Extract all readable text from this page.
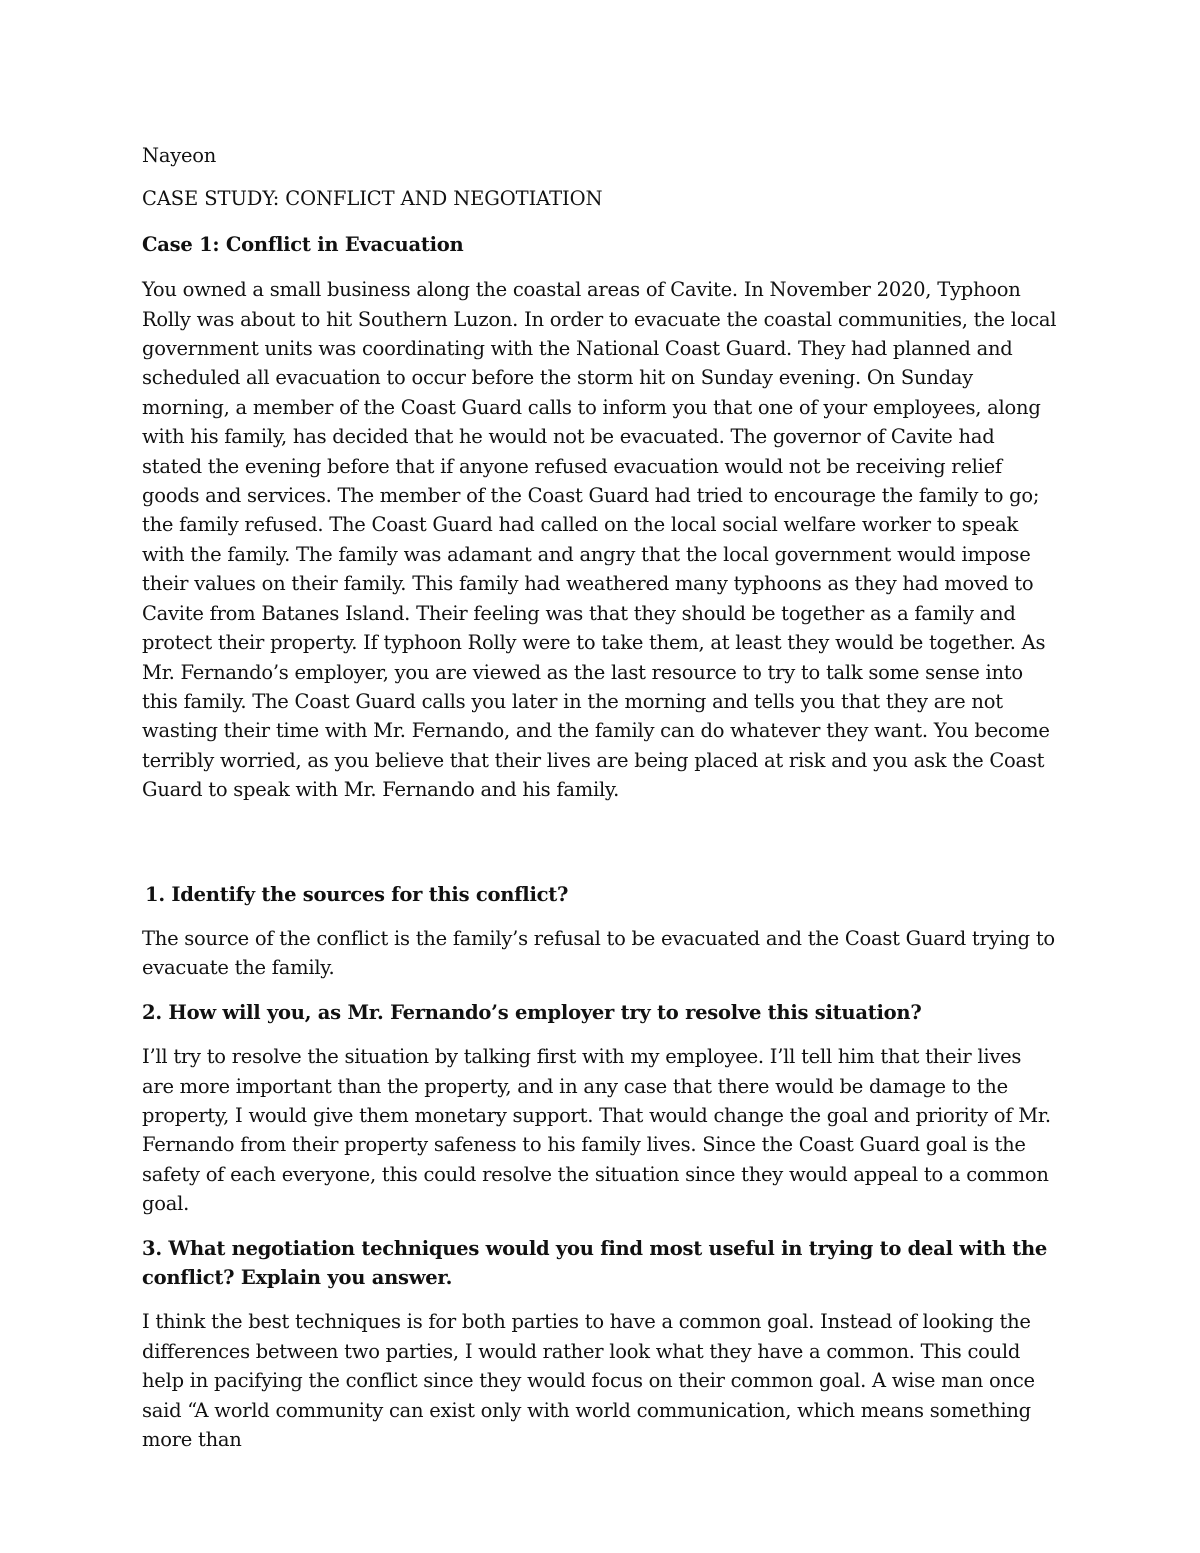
Nayeon

CASE STUDY: CONFLICT AND NEGOTIATION

Case 1: Conflict in Evacuation

You owned a small business along the coastal areas of Cavite. In November 2020, Typhoon Rolly was about to hit Southern Luzon. In order to evacuate the coastal communities, the local government units was coordinating with the National Coast Guard. They had planned and scheduled all evacuation to occur before the storm hit on Sunday evening. On Sunday morning, a member of the Coast Guard calls to inform you that one of your employees, along with his family, has decided that he would not be evacuated. The governor of Cavite had stated the evening before that if anyone refused evacuation would not be receiving relief goods and services. The member of the Coast Guard had tried to encourage the family to go; the family refused. The Coast Guard had called on the local social welfare worker to speak with the family. The family was adamant and angry that the local government would impose their values on their family. This family had weathered many typhoons as they had moved to Cavite from Batanes Island. Their feeling was that they should be together as a family and protect their property. If typhoon Rolly were to take them, at least they would be together. As Mr. Fernando’s employer, you are viewed as the last resource to try to talk some sense into this family. The Coast Guard calls you later in the morning and tells you that they are not wasting their time with Mr. Fernando, and the family can do whatever they want. You become terribly worried, as you believe that their lives are being placed at risk and you ask the Coast Guard to speak with Mr. Fernando and his family.

1. Identify the sources for this conflict?

The source of the conflict is the family’s refusal to be evacuated and the Coast Guard trying to evacuate the family.

2. How will you, as Mr. Fernando’s employer try to resolve this situation?

I’ll try to resolve the situation by talking first with my employee. I’ll tell him that their lives are more important than the property, and in any case that there would be damage to the property, I would give them monetary support. That would change the goal and priority of Mr. Fernando from their property safeness to his family lives. Since the Coast Guard goal is the safety of each everyone, this could resolve the situation since they would appeal to a common goal.

3. What negotiation techniques would you find most useful in trying to deal with the conflict? Explain you answer.

I think the best techniques is for both parties to have a common goal. Instead of looking the differences between two parties, I would rather look what they have a common. This could help in pacifying the conflict since they would focus on their common goal. A wise man once said “A world community can exist only with world communication, which means something more than
